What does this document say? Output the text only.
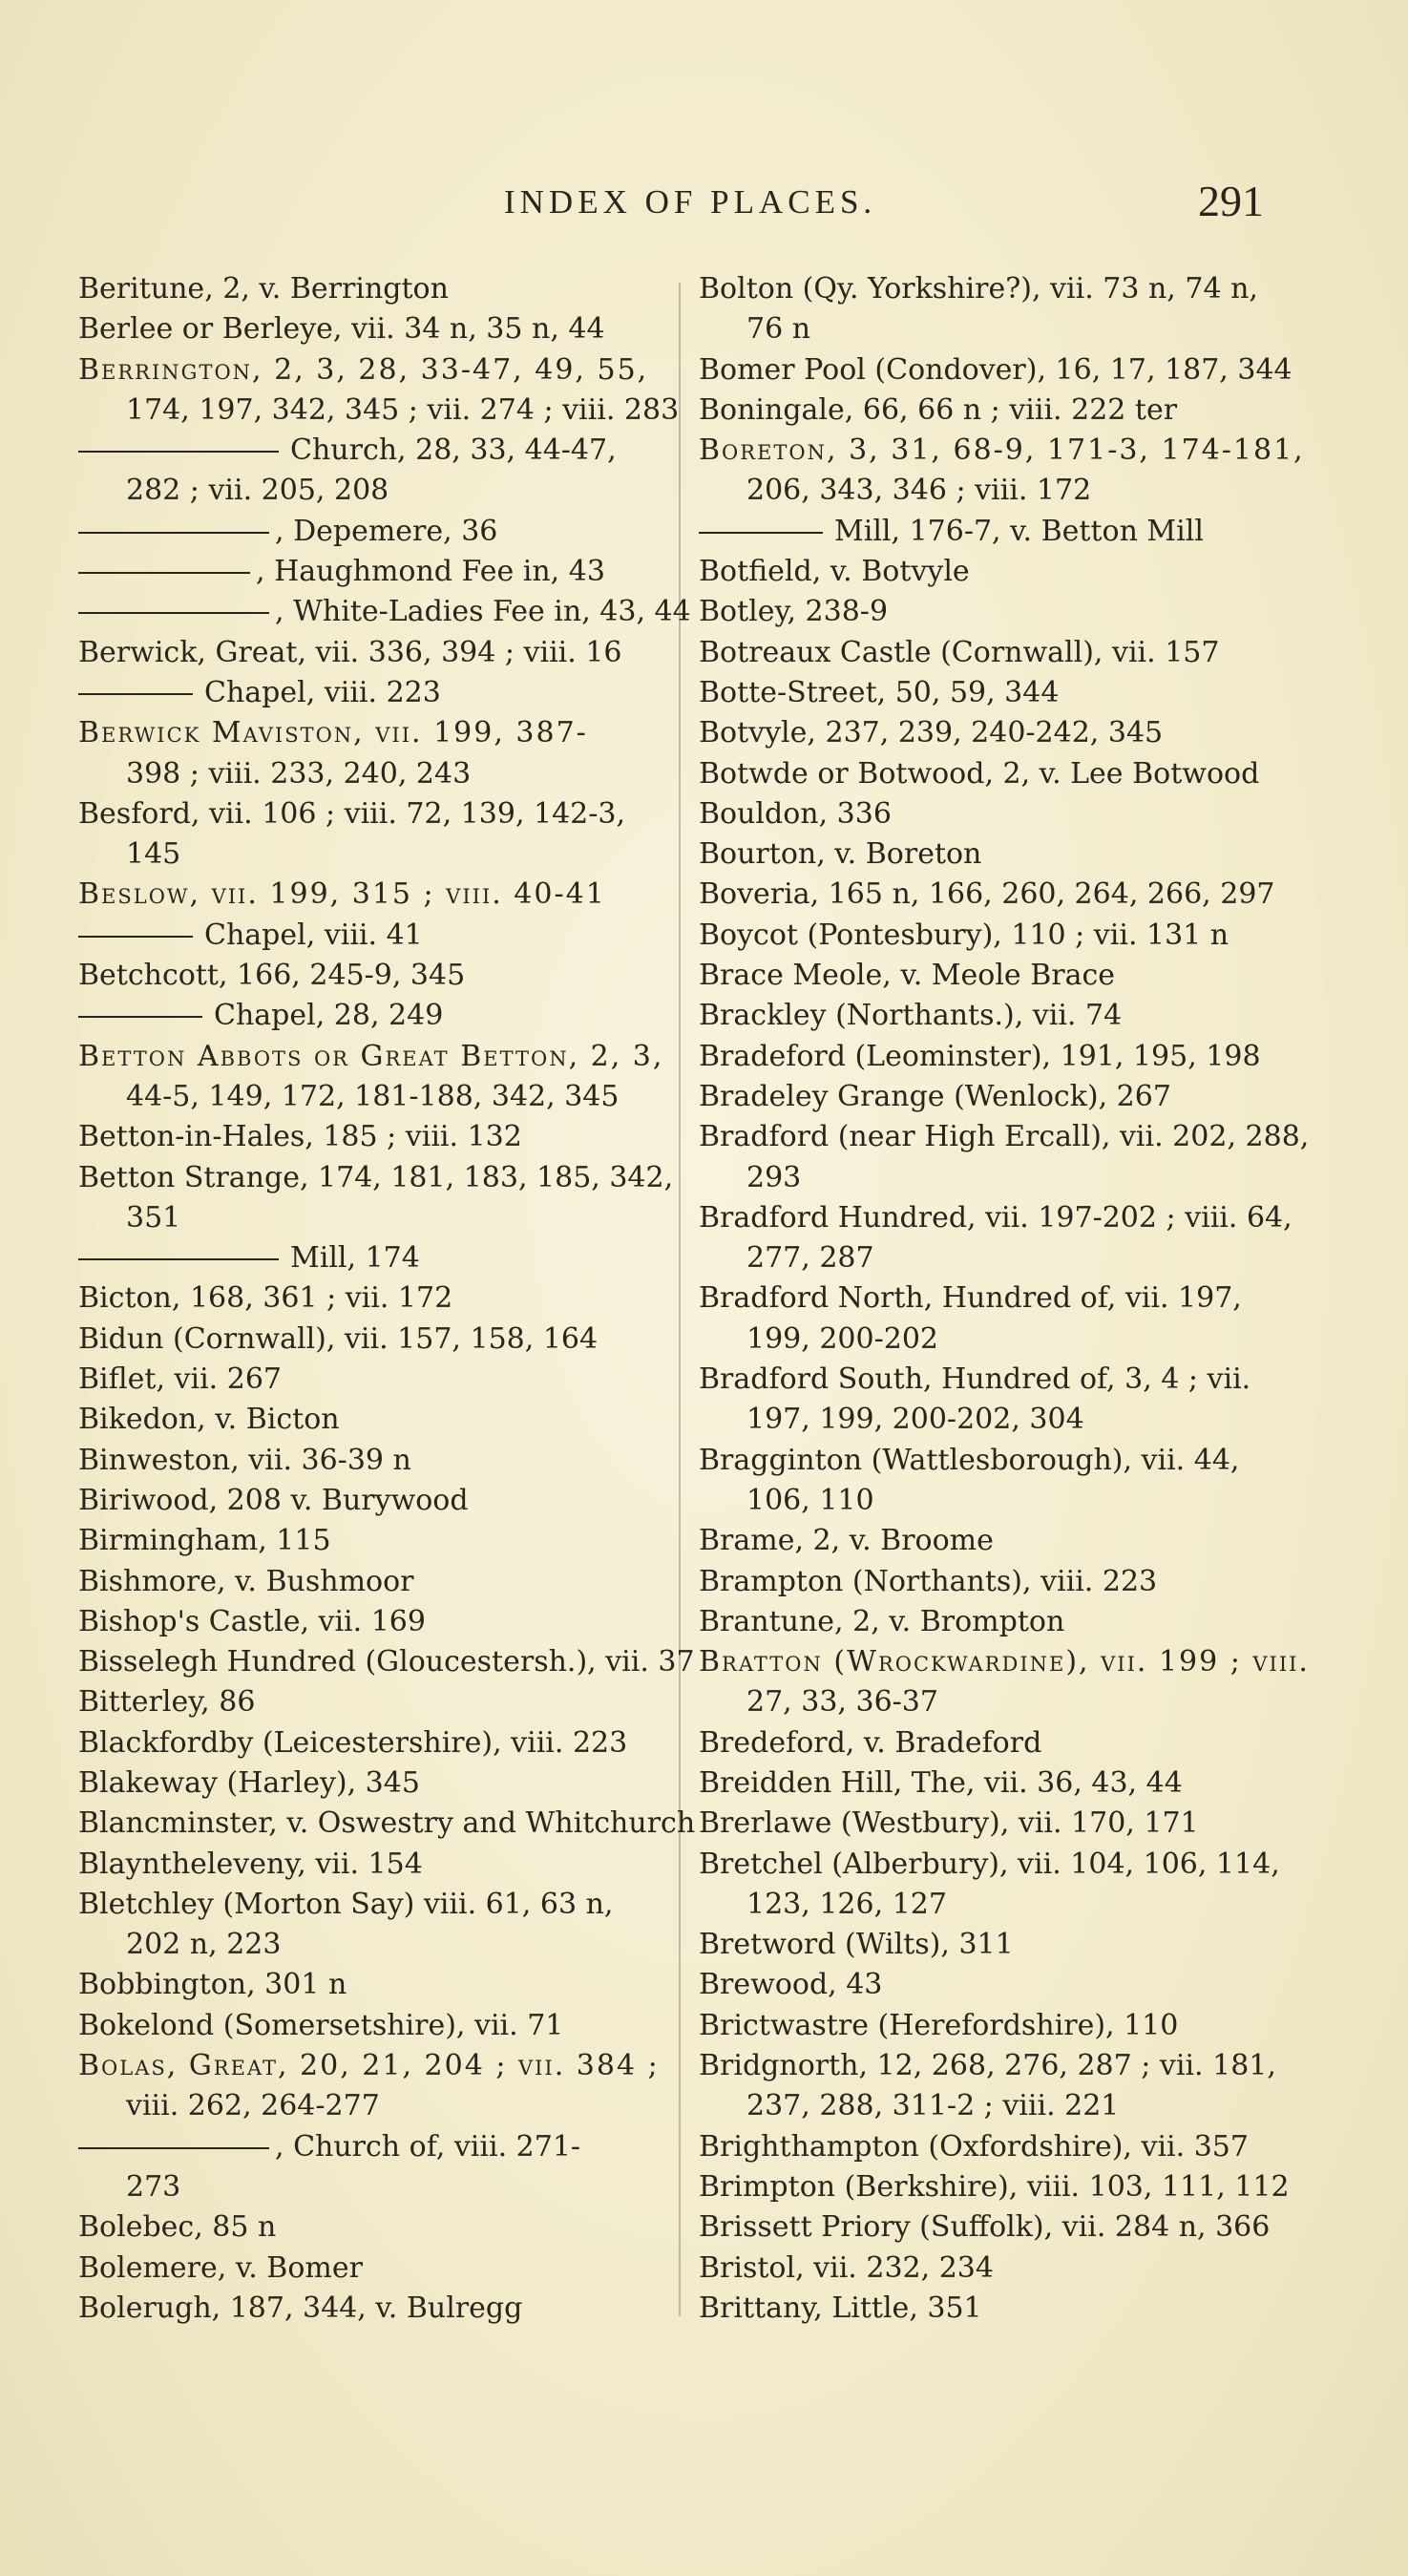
INDEX OF PLACES.	291
Beritune, 2, v. Berrington
Berlee or Berleye, vii. 34 n, 35 n, 44
Berrington, 2, 3, 28, 33-47, 49, 55,
174, 197, 342, 345 ; vii. 274 ; viii. 283
Church, 28, 33, 44-47,
282 ; vii. 205, 208
, Depemere, 36
, Haughmond Fee in, 43
, White-Ladies Fee in, 43, 44
Berwick, Great, vii. 336, 394 ; viii. 16
Chapel, viii. 223
Berwick Maviston, vii. 199, 387-
398 ; viii. 233, 240, 243
Besford, vii. 106 ; viii. 72, 139, 142-3,
145
Beslow, vii. 199, 315 ; viii. 40-41
Chapel, viii. 41
Betchcott, 166, 245-9, 345
Chapel, 28, 249
Betton Abbots or Great Betton, 2, 3,
44-5, 149, 172, 181-188, 342, 345
Betton-in-Hales, 185 ; viii. 132
Betton Strange, 174, 181, 183, 185, 342,
351
Mill, 174
Bicton, 168, 361 ; vii. 172
Bidun (Cornwall), vii. 157, 158, 164
Biflet, vii. 267
Bikedon, v. Bicton
Binweston, vii. 36-39 n
Biriwood, 208 v. Burywood
Birmingham, 115
Bishmore, v. Bushmoor
Bishop's Castle, vii. 169
Bisselegh Hundred (Gloucestersh.), vii. 37
Bitterley, 86
Blackfordby (Leicestershire), viii. 223
Blakeway (Harley), 345
Blancminster, v. Oswestry and Whitchurch
Blayntheleveny, vii. 154
Bletchley (Morton Say) viii. 61, 63 n,
202 n, 223
Bobbington, 301 n
Bokelond (Somersetshire), vii. 71
Bolas, Great, 20, 21, 204 ; vii. 384 ;
viii. 262, 264-277
, Church of, viii. 271-
273
Bolebec, 85 n
Bolemere, v. Bomer
Bolerugh, 187, 344, v. Bulregg
Bolton (Qy. Yorkshire?), vii. 73 n, 74 n,
76 n
Bomer Pool (Condover), 16, 17, 187, 344
Boningale, 66, 66 n ; viii. 222 ter
Boreton, 3, 31, 68-9, 171-3, 174-181,
206, 343, 346 ; viii. 172
Mill, 176-7, v. Betton Mill
Botfield, v. Botvyle
Botley, 238-9
Botreaux Castle (Cornwall), vii. 157
Botte-Street, 50, 59, 344
Botvyle, 237, 239, 240-242, 345
Botwde or Botwood, 2, v. Lee Botwood
Bouldon, 336
Bourton, v. Boreton
Boveria, 165 n, 166, 260, 264, 266, 297
Boycot (Pontesbury), 110 ; vii. 131 n
Brace Meole, v. Meole Brace
Brackley (Northants.), vii. 74
Bradeford (Leominster), 191, 195, 198
Bradeley Grange (Wenlock), 267
Bradford (near High Ercall), vii. 202, 288,
293
Bradford Hundred, vii. 197-202 ; viii. 64,
277, 287
Bradford North, Hundred of, vii. 197,
199, 200-202
Bradford South, Hundred of, 3, 4 ; vii.
197, 199, 200-202, 304
Bragginton (Wattlesborough), vii. 44,
106, 110
Brame, 2, v. Broome
Brampton (Northants), viii. 223
Brantune, 2, v. Brompton
Bratton (Wrockwardine), vii. 199 ; viii.
27, 33, 36-37
Bredeford, v. Bradeford
Breidden Hill, The, vii. 36, 43, 44
Brerlawe (Westbury), vii. 170, 171
Bretchel (Alberbury), vii. 104, 106, 114,
123, 126, 127
Bretword (Wilts), 311
Brewood, 43
Brictwastre (Herefordshire), 110
Bridgnorth, 12, 268, 276, 287 ; vii. 181,
237, 288, 311-2 ; viii. 221
Brighthampton (Oxfordshire), vii. 357
Brimpton (Berkshire), viii. 103, 111, 112
Brissett Priory (Suffolk), vii. 284 n, 366
Bristol, vii. 232, 234
Brittany, Little, 351
